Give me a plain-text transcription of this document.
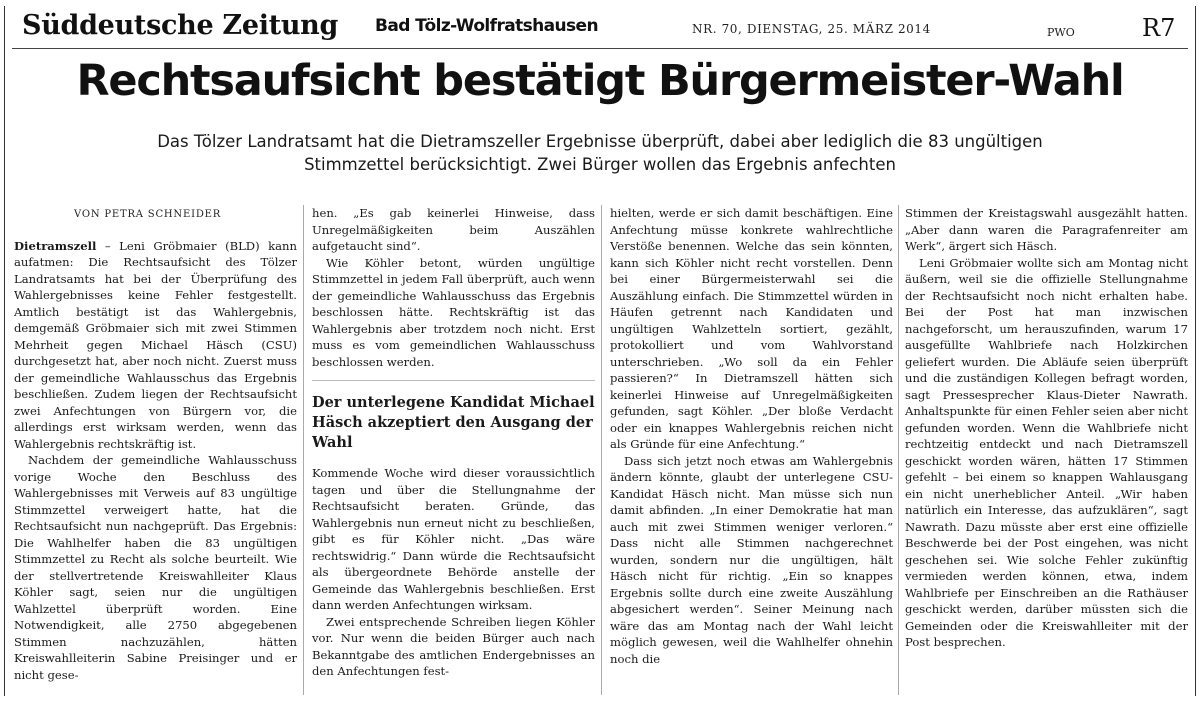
Süddeutsche Zeitung Bad Tölz-Wolfratshausen	NR. 70, DIENSTAG, 25. MÄRZ 2014	PWO	R7
Rechtsaufsicht bestätigt Bürgermeister-Wahl
Das Tölzer Landratsamt hat die Dietramszeller Ergebnisse überprüft, dabei aber lediglich die 83 ungültigen Stimmzettel berücksichtigt. Zwei Bürger wollen das Ergebnis anfechten
VON PETRA SCHNEIDER

Dietramszell – Leni Gröbmaier (BLD) kann aufatmen: Die Rechtsaufsicht des Tölzer Landratsamts hat bei der Überprüfung des Wahlergebnisses keine Fehler festgestellt. Amtlich bestätigt ist das Wahlergebnis, demgemäß Gröbmaier sich mit zwei Stimmen Mehrheit gegen Michael Häsch (CSU) durchgesetzt hat, aber noch nicht. Zuerst muss der gemeindliche Wahlausschus das Ergebnis beschließen. Zudem liegen der Rechtsaufsicht zwei Anfechtungen von Bürgern vor, die allerdings erst wirksam werden, wenn das Wahlergebnis rechtskräftig ist.

Nachdem der gemeindliche Wahlausschuss vorige Woche den Beschluss des Wahlergebnisses mit Verweis auf 83 ungültige Stimmzettel verweigert hatte, hat die Rechtsaufsicht nun nachgeprüft. Das Ergebnis: Die Wahlhelfer haben die 83 ungültigen Stimmzettel zu Recht als solche beurteilt. Wie der stellvertretende Kreiswahlleiter Klaus Köhler sagt, seien nur die ungültigen Wahlzettel überprüft worden. Eine Notwendigkeit, alle 2750 abgegebenen Stimmen nachzuzählen, hätten Kreiswahlleiterin Sabine Preisinger und er nicht gese-

hen. „Es gab keinerlei Hinweise, dass Unregelmäßigkeiten beim Auszählen aufgetaucht sind“.

Wie Köhler betont, würden ungültige Stimmzettel in jedem Fall überprüft, auch wenn der gemeindliche Wahlausschuss das Ergebnis beschlossen hätte. Rechtskräftig ist das Wahlergebnis aber trotzdem noch nicht. Erst muss es vom gemeindlichen Wahlausschuss beschlossen werden.

Der unterlegene Kandidat Michael Häsch akzeptiert den Ausgang der Wahl

Kommende Woche wird dieser voraussichtlich tagen und über die Stellungnahme der Rechtsaufsicht beraten. Gründe, das Wahlergebnis nun erneut nicht zu beschließen, gibt es für Köhler nicht. „Das wäre rechtswidrig.“ Dann würde die Rechtsaufsicht als übergeordnete Behörde anstelle der Gemeinde das Wahlergebnis beschließen. Erst dann werden Anfechtungen wirksam.

Zwei entsprechende Schreiben liegen Köhler vor. Nur wenn die beiden Bürger auch nach Bekanntgabe des amtlichen Endergebnisses an den Anfechtungen fest-

hielten, werde er sich damit beschäftigen. Eine Anfechtung müsse konkrete wahlrechtliche Verstöße benennen. Welche das sein könnten, kann sich Köhler nicht recht vorstellen. Denn bei einer Bürgermeisterwahl sei die Auszählung einfach. Die Stimmzettel würden in Häufen getrennt nach Kandidaten und ungültigen Wahlzetteln sortiert, gezählt, protokolliert und vom Wahlvorstand unterschrieben. „Wo soll da ein Fehler passieren?“ In Dietramszell hätten sich keinerlei Hinweise auf Unregelmäßigkeiten gefunden, sagt Köhler. „Der bloße Verdacht oder ein knappes Wahlergebnis reichen nicht als Gründe für eine Anfechtung.“

Dass sich jetzt noch etwas am Wahlergebnis ändern könnte, glaubt der unterlegene CSU-Kandidat Häsch nicht. Man müsse sich nun damit abfinden. „In einer Demokratie hat man auch mit zwei Stimmen weniger verloren.“ Dass nicht alle Stimmen nachgerechnet wurden, sondern nur die ungültigen, hält Häsch nicht für richtig. „Ein so knappes Ergebnis sollte durch eine zweite Auszählung abgesichert werden“. Seiner Meinung nach wäre das am Montag nach der Wahl leicht möglich gewesen, weil die Wahlhelfer ohnehin noch die

Stimmen der Kreistagswahl ausgezählt hatten. „Aber dann waren die Paragrafenreiter am Werk“, ärgert sich Häsch.

Leni Gröbmaier wollte sich am Montag nicht äußern, weil sie die offizielle Stellungnahme der Rechtsaufsicht noch nicht erhalten habe. Bei der Post hat man inzwischen nachgeforscht, um herauszufinden, warum 17 ausgefüllte Wahlbriefe nach Holzkirchen geliefert wurden. Die Abläufe seien überprüft und die zuständigen Kollegen befragt worden, sagt Pressesprecher Klaus-Dieter Nawrath. Anhaltspunkte für einen Fehler seien aber nicht gefunden worden. Wenn die Wahlbriefe nicht rechtzeitig entdeckt und nach Dietramszell geschickt worden wären, hätten 17 Stimmen gefehlt – bei einem so knappen Wahlausgang ein nicht unerheblicher Anteil. „Wir haben natürlich ein Interesse, das aufzuklären“, sagt Nawrath. Dazu müsste aber erst eine offizielle Beschwerde bei der Post eingehen, was nicht geschehen sei. Wie solche Fehler zukünftig vermieden werden können, etwa, indem Wahlbriefe per Einschreiben an die Rathäuser geschickt werden, darüber müssten sich die Gemeinden oder die Kreiswahlleiter mit der Post besprechen.
